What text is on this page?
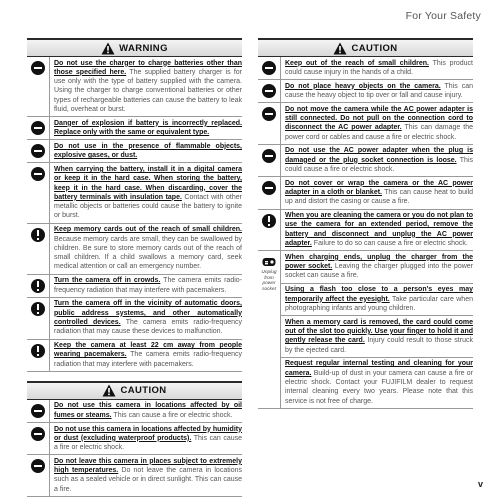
For Your Safety
WARNING
Do not use the charger to charge batteries other than those specified here. The supplied battery charger is for use only with the type of battery supplied with the camera. Using the charger to charge conventional batteries or other types of rechargeable batteries can cause the battery to leak fluid, overheat or burst.
Danger of explosion if battery is incorrectly replaced. Replace only with the same or equivalent type.
Do not use in the presence of flammable objects, explosive gases, or dust.
When carrying the battery, install it in a digital camera or keep it in the hard case. When storing the battery, keep it in the hard case. When discarding, cover the battery terminals with insulation tape. Contact with other metallic objects or batteries could cause the battery to ignite or burst.
Keep memory cards out of the reach of small children. Because memory cards are small, they can be swallowed by children. Be sure to store memory cards out of the reach of small children. If a child swallows a memory card, seek medical attention or call an emergency number.
Turn the camera off in crowds. The camera emits radio-frequency radiation that may interfere with pacemakers.
Turn the camera off in the vicinity of automatic doors, public address systems, and other automatically controlled devices. The camera emits radio-frequency radiation that may cause these devices to malfunction.
Keep the camera at least 22 cm away from people wearing pacemakers. The camera emits radio-frequency radiation that may interfere with pacemakers.
CAUTION
Do not use this camera in locations affected by oil fumes or steams. This can cause a fire or electric shock.
Do not use this camera in locations affected by humidity or dust (excluding waterproof products). This can cause a fire or electric shock.
Do not leave this camera in places subject to extremely high temperatures. Do not leave the camera in locations such as a sealed vehicle or in direct sunlight. This can cause a fire.
CAUTION
Keep out of the reach of small children. This product could cause injury in the hands of a child.
Do not place heavy objects on the camera. This can cause the heavy object to tip over or fall and cause injury.
Do not move the camera while the AC power adapter is still connected. Do not pull on the connection cord to disconnect the AC power adapter. This can damage the power cord or cables and cause a fire or electric shock.
Do not use the AC power adapter when the plug is damaged or the plug socket connection is loose. This could cause a fire or electric shock.
Do not cover or wrap the camera or the AC power adapter in a cloth or blanket. This can cause heat to build up and distort the casing or cause a fire.
When you are cleaning the camera or you do not plan to use the camera for an extended period, remove the battery and disconnect and unplug the AC power adapter. Failure to do so can cause a fire or electric shock.
Unplug from power socket
When charging ends, unplug the charger from the power socket. Leaving the charger plugged into the power socket can cause a fire.
Using a flash too close to a person's eyes may temporarily affect the eyesight. Take particular care when photographing infants and young children.
When a memory card is removed, the card could come out of the slot too quickly. Use your finger to hold it and gently release the card. Injury could result to those struck by the ejected card.
Request regular internal testing and cleaning for your camera. Build-up of dust in your camera can cause a fire or electric shock. Contact your FUJIFILM dealer to request internal cleaning every two years. Please note that this service is not free of charge.
v
